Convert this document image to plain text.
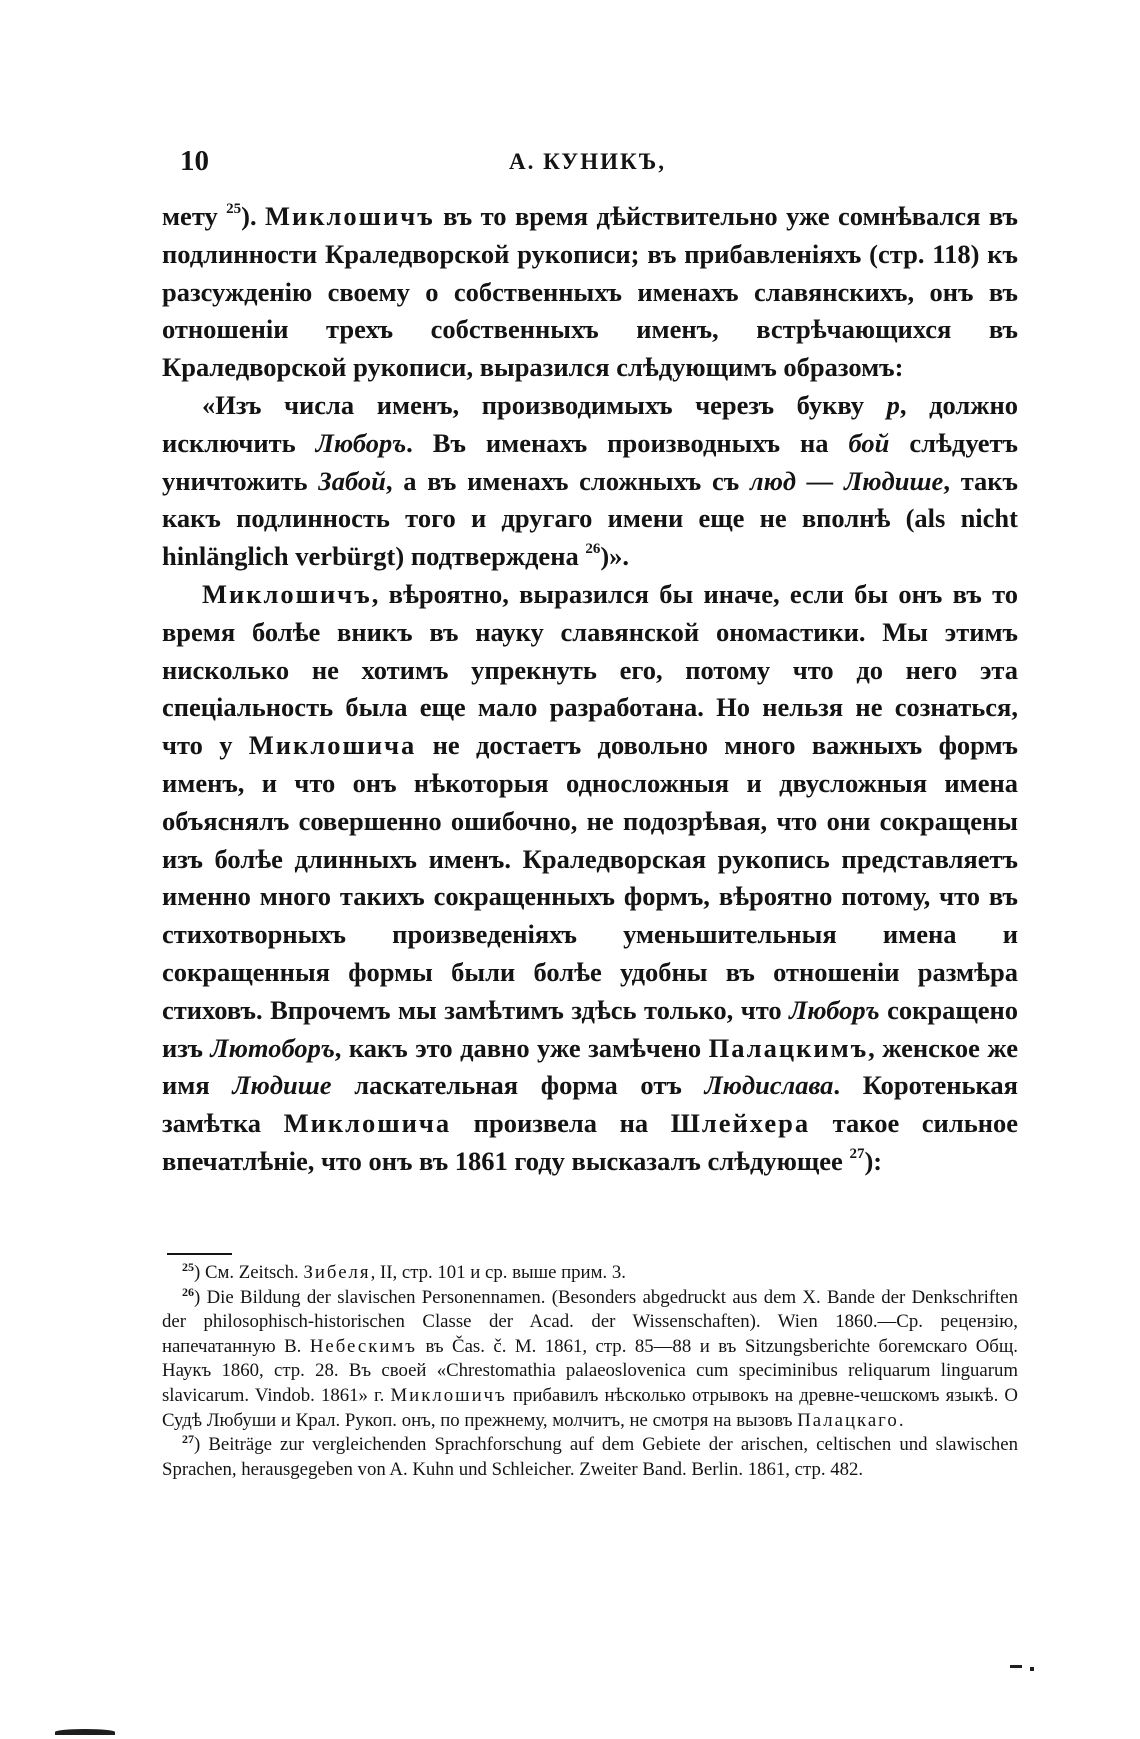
10	А. КУНИКЪ,

мету $^{25}$). Миклошичъ въ то время дѣйствительно уже сомнѣвался въ подлинности Краледворской рукописи; въ прибавленіяхъ (стр. 118) къ разсужденію своему о собственныхъ именахъ славянскихъ, онъ въ отношеніи трехъ собственныхъ именъ, встрѣчающихся въ Краледворской рукописи, выразился слѣдующимъ образомъ:

«Изъ числа именъ, производимыхъ черезъ букву р, должно исключить Люборъ. Въ именахъ производныхъ на бой слѣдуетъ уничтожить Забой, а въ именахъ сложныхъ съ люд — Людише, такъ какъ подлинность того и другаго имени еще не вполнѣ (als nicht hinlänglich verbürgt) подтверждена $^{26}$)».

Миклошичъ, вѣроятно, выразился бы иначе, если бы онъ въ то время болѣе вникъ въ науку славянской ономастики. Мы этимъ нисколько не хотимъ упрекнуть его, потому что до него эта спеціальность была еще мало разработана. Но нельзя не сознаться, что у Миклошича не достаетъ довольно много важныхъ формъ именъ, и что онъ нѣкоторыя односложныя и двусложныя имена объяснялъ совершенно ошибочно, не подозрѣвая, что они сокращены изъ болѣе длинныхъ именъ. Краледворская рукопись представляетъ именно много такихъ сокращенныхъ формъ, вѣроятно потому, что въ стихотворныхъ произведеніяхъ уменьшительныя имена и сокращенныя формы были болѣе удобны въ отношеніи размѣра стиховъ. Впрочемъ мы замѣтимъ здѣсь только, что Люборъ сокращено изъ Лютоборъ, какъ это давно уже замѣчено Палацкимъ, женское же имя Людише ласкательная форма отъ Людислава. Коротенькая замѣтка Миклошича произвела на Шлейхера такое сильное впечатлѣніе, что онъ въ 1861 году высказалъ слѣдующее $^{27}$):

$^{25}$) См. Zeitsch. Зибеля, II, стр. 101 и ср. выше прим. 3.

$^{26}$) Die Bildung der slavischen Personennamen. (Besonders abgedruckt aus dem X. Bande der Denkschriften der philosophisch-historischen Classe der Acad. der Wissenschaften). Wien 1860.—Ср. рецензію, напечатанную В. Небескимъ въ Čas. č. M. 1861, стр. 85—88 и въ Sitzungsberichte богемскаго Общ. Наукъ 1860, стр. 28. Въ своей «Chrestomathia palaeoslovenica cum speciminibus reliquarum linguarum slavicarum. Vindob. 1861» г. Миклошичъ прибавилъ нѣсколько отрывокъ на древне-чешскомъ языкѣ. О Судѣ Любуши и Крал. Рукоп. онъ, по прежнему, молчитъ, не смотря на вызовъ Палацкаго.

$^{27}$) Beiträge zur vergleichenden Sprachforschung auf dem Gebiete der arischen, celtischen und slawischen Sprachen, herausgegeben von A. Kuhn und Schleicher. Zweiter Band. Berlin. 1861, стр. 482.
